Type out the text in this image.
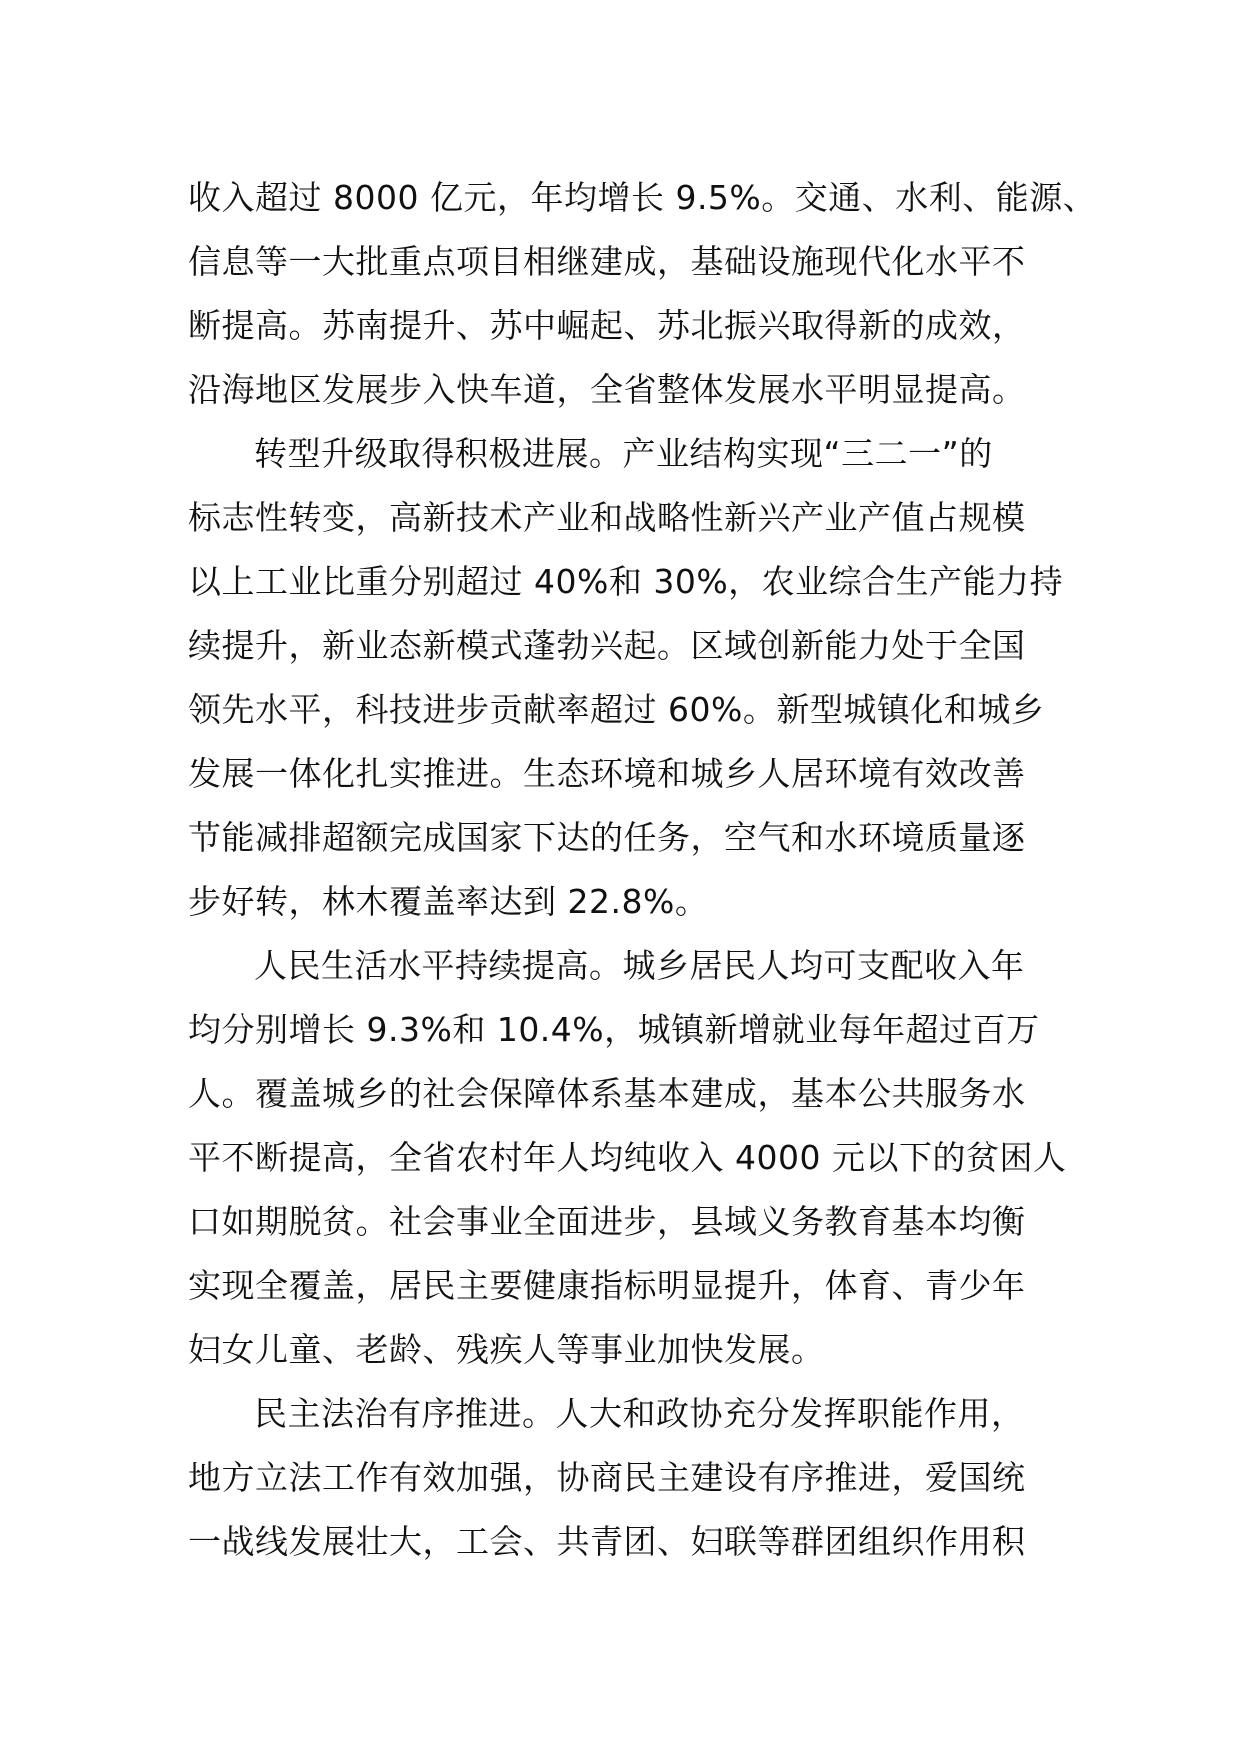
收入超过 8000 亿元，年均增长 9.5%。交通、水利、能源、
信息等一大批重点项目相继建成，基础设施现代化水平不
断提高。苏南提升、苏中崛起、苏北振兴取得新的成效，
沿海地区发展步入快车道，全省整体发展水平明显提高。
转型升级取得积极进展。产业结构实现“三二一”的
标志性转变，高新技术产业和战略性新兴产业产值占规模
以上工业比重分别超过 40%和 30%，农业综合生产能力持
续提升，新业态新模式蓬勃兴起。区域创新能力处于全国
领先水平，科技进步贡献率超过 60%。新型城镇化和城乡
发展一体化扎实推进。生态环境和城乡人居环境有效改善
节能减排超额完成国家下达的任务，空气和水环境质量逐
步好转，林木覆盖率达到 22.8%。
人民生活水平持续提高。城乡居民人均可支配收入年
均分别增长 9.3%和 10.4%，城镇新增就业每年超过百万
人。覆盖城乡的社会保障体系基本建成，基本公共服务水
平不断提高，全省农村年人均纯收入 4000 元以下的贫困人
口如期脱贫。社会事业全面进步，县域义务教育基本均衡
实现全覆盖，居民主要健康指标明显提升，体育、青少年
妇女儿童、老龄、残疾人等事业加快发展。
民主法治有序推进。人大和政协充分发挥职能作用，
地方立法工作有效加强，协商民主建设有序推进，爱国统
一战线发展壮大，工会、共青团、妇联等群团组织作用积
